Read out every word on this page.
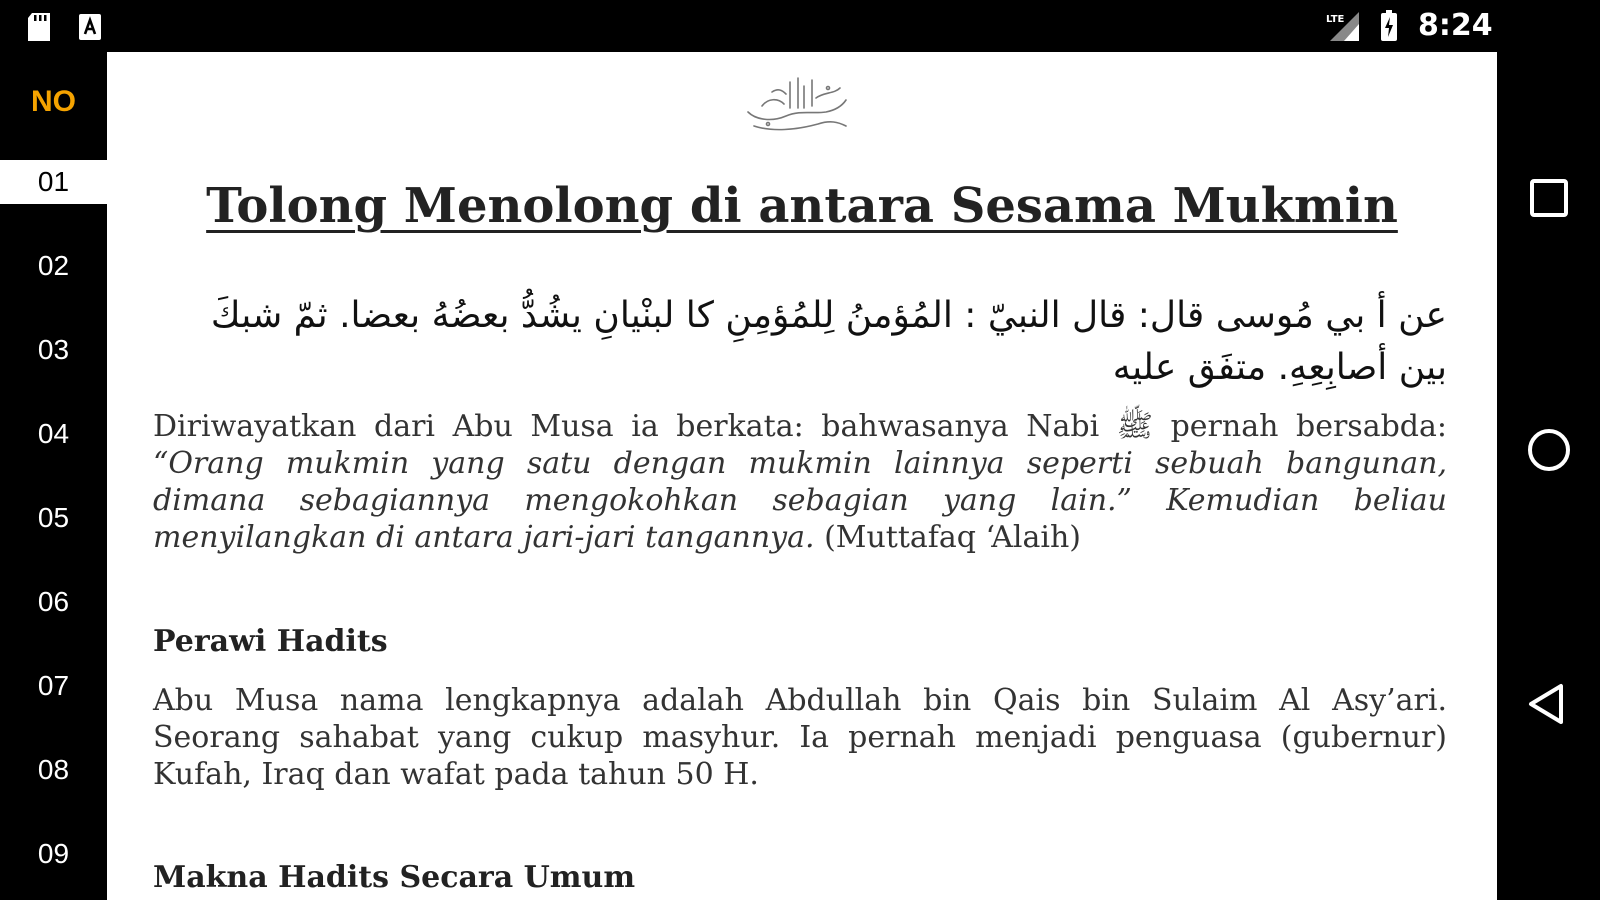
LTE 8:24
NO
01
02
03
04
05
06
07
08
09
Tolong Menolong di antara Sesama Mukmin
عن أ بي مُوسى قال: قال النبيّ : المُؤمنُ لِلمُؤمِنِ كا لبنْيانِ يشُدُّ بعضُهُ بعضا. ثمّ شبكَ بين أصابِعِهِ. متفَق عليه
Diriwayatkan dari Abu Musa ia berkata: bahwasanya Nabi ﷺ pernah bersabda: “Orang mukmin yang satu dengan mukmin lainnya seperti sebuah bangunan, dimana sebagiannya mengokohkan sebagian yang lain.” Kemudian beliau menyilangkan di antara jari-jari tangannya. (Muttafaq ‘Alaih)
Perawi Hadits
Abu Musa nama lengkapnya adalah Abdullah bin Qais bin Sulaim Al Asy’ari. Seorang sahabat yang cukup masyhur. Ia pernah menjadi penguasa (gubernur) Kufah, Iraq dan wafat pada tahun 50 H.
Makna Hadits Secara Umum
